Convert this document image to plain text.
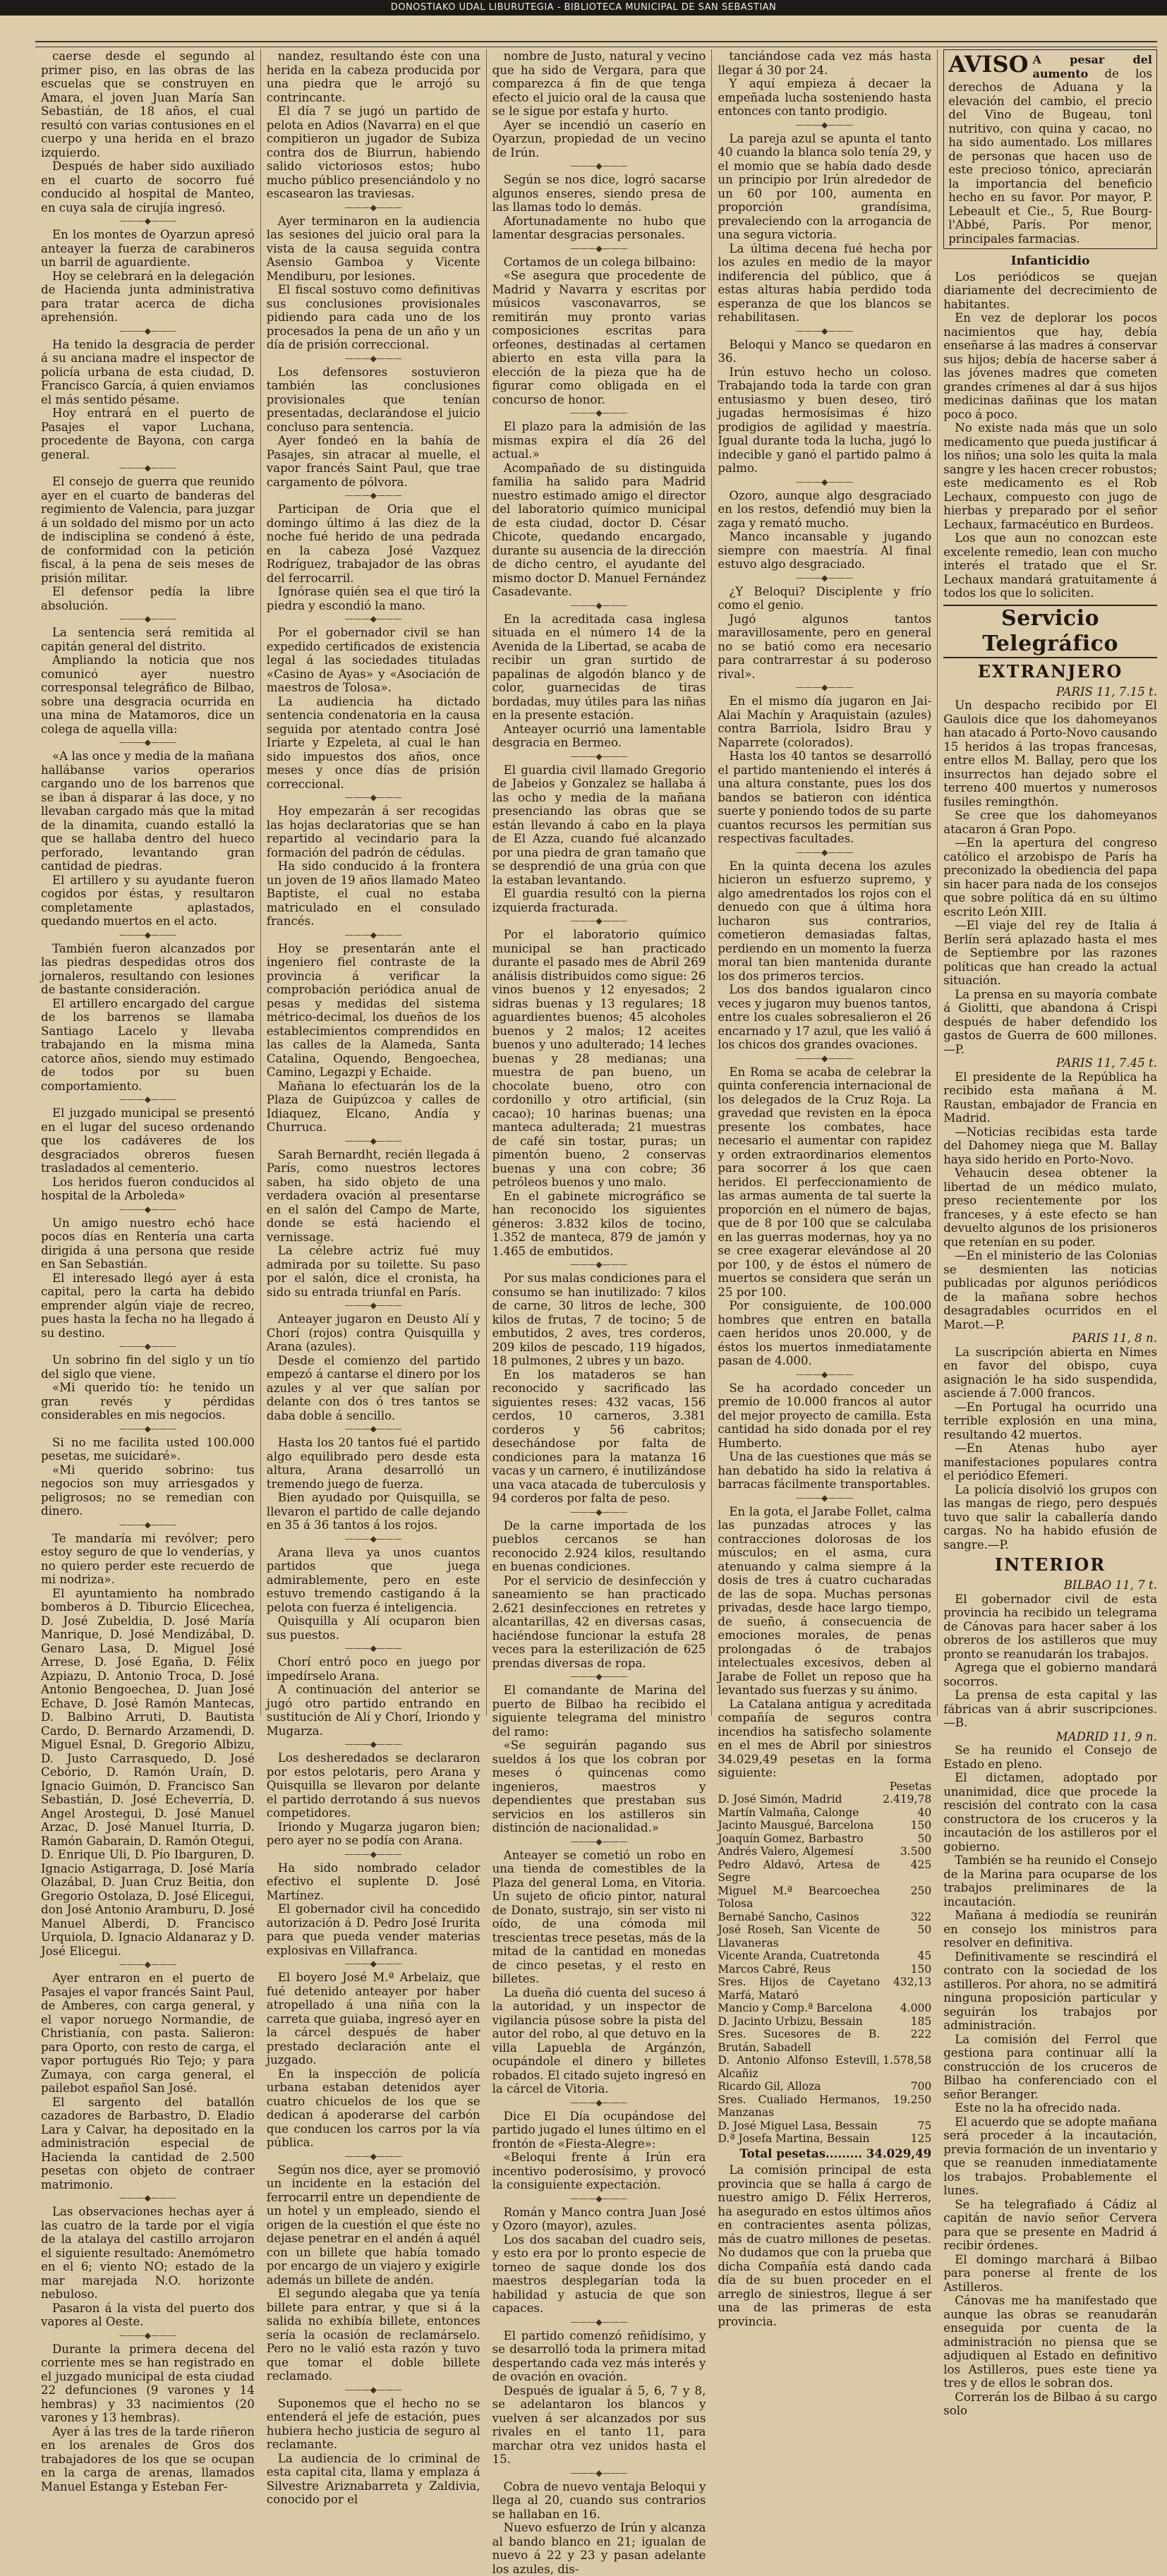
DONOSTIAKO UDAL LIBURUTEGIA - BIBLIOTECA MUNICIPAL DE SAN SEBASTIAN

caerse desde el segundo al primer piso, en las obras de las escuelas que se construyen en Amara, el joven Juan María San Sebastián, de 18 años, el cual resultó con varias contusiones en el cuerpo y una herida en el brazo izquierdo.

Después de haber sido auxiliado en el cuarto de socorro fué conducido al hospital de Manteo, en cuya sala de cirujía ingresó.

———◆———

En los montes de Oyarzun apresó anteayer la fuerza de carabineros un barril de aguardiente.

Hoy se celebrará en la delegación de Hacienda junta administrativa para tratar acerca de dicha aprehensión.

———◆———

Ha tenido la desgracia de perder á su anciana madre el inspector de policía urbana de esta ciudad, D. Francisco García, á quien enviamos el más sentido pésame.

Hoy entrará en el puerto de Pasajes el vapor Luchana, procedente de Bayona, con carga general.

———◆———

El consejo de guerra que reunido ayer en el cuarto de banderas del regimiento de Valencia, para juzgar á un soldado del mismo por un acto de indisciplina se condenó á éste, de conformidad con la petición fiscal, á la pena de seis meses de prisión militar.

El defensor pedía la libre absolución.

———◆———

La sentencia será remitida al capitán general del distrito.

Ampliando la noticia que nos comunicó ayer nuestro corresponsal telegráfico de Bilbao, sobre una desgracia ocurrida en una mina de Matamoros, dice un colega de aquella villa:

———◆———

«A las once y media de la mañana hallábanse varios operarios cargando uno de los barrenos que se iban á disparar á las doce, y no llevaban cargado más que la mitad de la dinamita, cuando estalló la que se hallaba dentro del hueco perforado, levantando gran cantidad de piedras.

El artillero y su ayudante fueron cogidos por éstas, y resultaron completamente aplastados, quedando muertos en el acto.

———◆———

También fueron alcanzados por las piedras despedidas otros dos jornaleros, resultando con lesiones de bastante consideración.

El artillero encargado del cargue de los barrenos se llamaba Santiago Lacelo y llevaba trabajando en la misma mina catorce años, siendo muy estimado de todos por su buen comportamiento.

———◆———

El juzgado municipal se presentó en el lugar del suceso ordenando que los cadáveres de los desgraciados obreros fuesen trasladados al cementerio.

Los heridos fueron conducidos al hospital de la Arboleda»

———◆———

Un amigo nuestro echó hace pocos días en Rentería una carta dirigida á una persona que reside en San Sebastián.

El interesado llegó ayer á esta capital, pero la carta ha debido emprender algún viaje de recreo, pues hasta la fecha no ha llegado á su destino.

———◆———

Un sobrino fin del siglo y un tío del siglo que viene.

«Mi querido tío: he tenido un gran revés y pérdidas considerables en mis negocios.

———◆———

Si no me facilita usted 100.000 pesetas, me suicidaré».

«Mi querido sobrino: tus negocios son muy arriesgados y peligrosos; no se remedian con dinero.

———◆———

Te mandaría mi revólver; pero estoy seguro de que lo venderías, y no quiero perder este recuerdo de mi nodriza».

El ayuntamiento ha nombrado bomberos á D. Tiburcio Elicechea, D. José Zubeldia, D. José María Manrique, D. José Mendizábal, D. Genaro Lasa, D. Miguel José Arrese, D. José Egaña, D. Félix Azpiazu, D. Antonio Troca, D. José Antonio Bengoechea, D. Juan José Echave, D. José Ramón Mantecas, D. Balbino Arruti, D. Bautista Cardo, D. Bernardo Arzamendi, D. Miguel Esnal, D. Gregorio Albizu, D. Justo Carrasquedo, D. José Cebório, D. Ramón Uraín, D. Ignacio Guimón, D. Francisco San Sebastián, D. José Echeverría, D. Angel Arostegui, D. José Manuel Arzac, D. José Manuel Iturria, D. Ramón Gabarain, D. Ramón Otegui, D. Enrique Uli, D. Pío Ibarguren, D. Ignacio Astigarraga, D. José María Olazábal, D. Juan Cruz Beitia, don Gregorio Ostolaza, D. José Elicegui, don José Antonio Aramburu, D. José Manuel Alberdi, D. Francisco Urquiola, D. Ignacio Aldanaraz y D. José Elicegui.

———◆———

Ayer entraron en el puerto de Pasajes el vapor francés Saint Paul, de Amberes, con carga general, y el vapor noruego Normandie, de Christianía, con pasta. Salieron: para Oporto, con resto de carga, el vapor portugués Rio Tejo; y para Zumaya, con carga general, el pailebot español San José.

El sargento del batallón cazadores de Barbastro, D. Eladio Lara y Calvar, ha depositado en la administración especial de Hacienda la cantidad de 2.500 pesetas con objeto de contraer matrimonio.

———◆———

Las observaciones hechas ayer á las cuatro de la tarde por el vigía de la atalaya del castillo arrojaron el siguiente resultado: Anemómetro en el 6; viento NO; estado de la mar marejada N.O. horizonte nebuloso.

Pasaron á la vista del puerto dos vapores al Oeste.

———◆———

Durante la primera decena del corriente mes se han registrado en el juzgado municipal de esta ciudad 22 defunciones (9 varones y 14 hembras) y 33 nacimientos (20 varones y 13 hembras).

Ayer á las tres de la tarde riñeron en los arenales de Gros dos trabajadores de los que se ocupan en la carga de arenas, llamados Manuel Estanga y Esteban Fer-

nandez, resultando éste con una herida en la cabeza producida por una piedra que le arrojó su contrincante.

El día 7 se jugó un partido de pelota en Adios (Navarra) en el que compitieron un jugador de Subiza contra dos de Biurrun, habiendo salido victoriosos estos; hubo mucho público presenciándolo y no escasearon las traviesas.

———◆———

Ayer terminaron en la audiencia las sesiones del juicio oral para la vista de la causa seguida contra Asensio Gamboa y Vicente Mendiburu, por lesiones.

El fiscal sostuvo como definitivas sus conclusiones provisionales pidiendo para cada uno de los procesados la pena de un año y un día de prisión correccional.

———◆———

Los defensores sostuvieron también las conclusiones provisionales que tenían presentadas, declarándose el juicio concluso para sentencia.

Ayer fondeó en la bahía de Pasajes, sin atracar al muelle, el vapor francés Saint Paul, que trae cargamento de pólvora.

———◆———

Participan de Oria que el domingo último á las diez de la noche fué herido de una pedrada en la cabeza José Vazquez Rodríguez, trabajador de las obras del ferrocarril.

Ignórase quién sea el que tiró la piedra y escondió la mano.

———◆———

Por el gobernador civil se han expedido certificados de existencia legal á las sociedades tituladas «Casino de Ayas» y «Asociación de maestros de Tolosa».

La audiencia ha dictado sentencia condenatoria en la causa seguida por atentado contra José Iriarte y Ezpeleta, al cual le han sido impuestos dos años, once meses y once días de prisión correccional.

———◆———

Hoy empezarán á ser recogidas las hojas declaratorias que se han repartido al vecindario para la formación del padrón de cédulas.

Ha sido conducido á la frontera un joven de 19 años llamado Mateo Baptiste, el cual no estaba matriculado en el consulado francés.

———◆———

Hoy se presentarán ante el ingeniero fiel contraste de la provincia á verificar la comprobación periódica anual de pesas y medidas del sistema métrico-decimal, los dueños de los establecimientos comprendidos en las calles de la Alameda, Santa Catalina, Oquendo, Bengoechea, Camino, Legazpi y Echaide.

Mañana lo efectuarán los de la Plaza de Guipúzcoa y calles de Idiaquez, Elcano, Andía y Churruca.

———◆———

Sarah Bernardht, recién llegada á París, como nuestros lectores saben, ha sido objeto de una verdadera ovación al presentarse en el salón del Campo de Marte, donde se está haciendo el vernissage.

La célebre actriz fué muy admirada por su toilette. Su paso por el salón, dice el cronista, ha sido su entrada triunfal en París.

———◆———

Anteayer jugaron en Deusto Alí y Chorí (rojos) contra Quisquilla y Arana (azules).

Desde el comienzo del partido empezó á cantarse el dinero por los azules y al ver que salían por delante con dos ó tres tantos se daba doble á sencillo.

———◆———

Hasta los 20 tantos fué el partido algo equilibrado pero desde esta altura, Arana desarrolló un tremendo juego de fuerza.

Bien ayudado por Quisquilla, se llevaron el partido de calle dejando en 35 á 36 tantos á los rojos.

———◆———

Arana lleva ya unos cuantos partidos que juega admirablemente, pero en este estuvo tremendo castigando á la pelota con fuerza é inteligencia.

Quisquilla y Alí ocuparon bien sus puestos.

———◆———

Chorí entró poco en juego por impedírselo Arana.

A continuación del anterior se jugó otro partido entrando en sustitución de Alí y Chorí, Iriondo y Mugarza.

———◆———

Los desheredados se declararon por estos pelotaris, pero Arana y Quisquilla se llevaron por delante el partido derrotando á sus nuevos competidores.

Iriondo y Mugarza jugaron bien; pero ayer no se podía con Arana.

———◆———

Ha sido nombrado celador efectivo el suplente D. José Martínez.

El gobernador civil ha concedido autorización á D. Pedro José Irurita para que pueda vender materias explosivas en Villafranca.

———◆———

El boyero José M.ª Arbelaiz, que fué detenido anteayer por haber atropellado á una niña con la carreta que guiaba, ingresó ayer en la cárcel después de haber prestado declaración ante el juzgado.

En la inspección de policía urbana estaban detenidos ayer cuatro chicuelos de los que se dedican á apoderarse del carbón que conducen los carros por la vía pública.

———◆———

Según nos dice, ayer se promovió un incidente en la estación del ferrocarril entre un dependiente de un hotel y un empleado, siendo el origen de la cuestión el que éste no dejase penetrar en el andén á aquél con un billete que había tomado por encargo de un viajero y exigirle además un billete de andén.

El segundo alegaba que ya tenía billete para entrar, y que si á la salida no exhibía billete, entonces sería la ocasión de reclamárselo. Pero no le valió esta razón y tuvo que tomar el doble billete reclamado.

———◆———

Suponemos que el hecho no se entenderá el jefe de estación, pues hubiera hecho justicia de seguro al reclamante.

La audiencia de lo criminal de esta capital cita, llama y emplaza á Silvestre Ariznabarreta y Zaldivia, conocido por el

nombre de Justo, natural y vecino que ha sido de Vergara, para que comparezca á fin de que tenga efecto el juicio oral de la causa que se le sigue por estafa y hurto.

Ayer se incendió un caserío en Oyarzun, propiedad de un vecino de Irún.

———◆———

Según se nos dice, logró sacarse algunos enseres, siendo presa de las llamas todo lo demás.

Afortunadamente no hubo que lamentar desgracias personales.

———◆———

Cortamos de un colega bilbaino:

«Se asegura que procedente de Madrid y Navarra y escritas por músicos vasconavarros, se remitirán muy pronto varias composiciones escritas para orfeones, destinadas al certamen abierto en esta villa para la elección de la pieza que ha de figurar como obligada en el concurso de honor.

———◆———

El plazo para la admisión de las mismas expira el día 26 del actual.»

Acompañado de su distinguida familia ha salido para Madrid nuestro estimado amigo el director del laboratorio químico municipal de esta ciudad, doctor D. César Chicote, quedando encargado, durante su ausencia de la dirección de dicho centro, el ayudante del mismo doctor D. Manuel Fernández Casadevante.

———◆———

En la acreditada casa inglesa situada en el número 14 de la Avenida de la Libertad, se acaba de recibir un gran surtido de papalinas de algodón blanco y de color, guarnecidas de tiras bordadas, muy útiles para las niñas en la presente estación.

Anteayer ocurrió una lamentable desgracia en Bermeo.

———◆———

El guardia civil llamado Gregorio de Jabeios y Gonzalez se hallaba á las ocho y media de la mañana presenciando las obras que se están llevando á cabo en la playa de El Azza, cuando fué alcanzado por una piedra de gran tamaño que se desprendió de una grúa con que la estaban levantando.

El guardia resultó con la pierna izquierda fracturada.

———◆———

Por el laboratorio químico municipal se han practicado durante el pasado mes de Abril 269 análisis distribuidos como sigue: 26 vinos buenos y 12 enyesados; 2 sidras buenas y 13 regulares; 18 aguardientes buenos; 45 alcoholes buenos y 2 malos; 12 aceites buenos y uno adulterado; 14 leches buenas y 28 medianas; una muestra de pan bueno, un chocolate bueno, otro con cordonillo y otro artificial, (sin cacao); 10 harinas buenas; una manteca adulterada; 21 muestras de café sin tostar, puras; un pimentón bueno, 2 conservas buenas y una con cobre; 36 petróleos buenos y uno malo.

En el gabinete micrográfico se han reconocido los siguientes géneros: 3.832 kilos de tocino, 1.352 de manteca, 879 de jamón y 1.465 de embutidos.

———◆———

Por sus malas condiciones para el consumo se han inutilizado: 7 kilos de carne, 30 litros de leche, 300 kilos de frutas, 7 de tocino; 5 de embutidos, 2 aves, tres corderos, 209 kilos de pescado, 119 hígados, 18 pulmones, 2 ubres y un bazo.

En los mataderos se han reconocido y sacrificado las siguientes reses: 432 vacas, 156 cerdos, 10 carneros, 3.381 corderos y 56 cabritos; desechándose por falta de condiciones para la matanza 16 vacas y un carnero, é inutilizándose una vaca atacada de tuberculosis y 94 corderos por falta de peso.

———◆———

De la carne importada de los pueblos cercanos se han reconocido 2.924 kilos, resultando en buenas condiciones.

Por el servicio de desinfección y saneamiento se han practicado 2.621 desinfecciones en retretes y alcantarillas, 42 en diversas casas, haciéndose funcionar la estufa 28 veces para la esterilización de 625 prendas diversas de ropa.

———◆———

El comandante de Marina del puerto de Bilbao ha recibido el siguiente telegrama del ministro del ramo:

«Se seguirán pagando sus sueldos á los que los cobran por meses ó quincenas como ingenieros, maestros y dependientes que prestaban sus servicios en los astilleros sin distinción de nacionalidad.»

———◆———

Anteayer se cometió un robo en una tienda de comestibles de la Plaza del general Loma, en Vitoria. Un sujeto de oficio pintor, natural de Donato, sustrajo, sin ser visto ni oído, de una cómoda mil trescientas trece pesetas, más de la mitad de la cantidad en monedas de cinco pesetas, y el resto en billetes.

La dueña dió cuenta del suceso á la autoridad, y un inspector de vigilancia púsose sobre la pista del autor del robo, al que detuvo en la villa Lapuebla de Argánzón, ocupándole el dinero y billetes robados. El citado sujeto ingresó en la cárcel de Vitoria.

———◆———

Dice El Día ocupándose del partido jugado el lunes último en el frontón de «Fiesta-Alegre»:

«Beloqui frente á Irún era incentivo poderosísimo, y provocó la consiguiente expectación.

———◆———

Román y Manco contra Juan José y Ozoro (mayor), azules.

Los dos sacaban del cuadro seis, y esto era por lo pronto especie de torneo de saque donde los dos maestros desplegarían toda la habilidad y astucia de que son capaces.

———◆———

El partido comenzó reñidísimo, y se desarrolló toda la primera mitad despertando cada vez más interés y de ovación en ovación.

Después de igualar á 5, 6, 7 y 8, se adelantaron los blancos y vuelven á ser alcanzados por sus rivales en el tanto 11, para marchar otra vez unidos hasta el 15.

———◆———

Cobra de nuevo ventaja Beloqui y llega al 20, cuando sus contrarios se hallaban en 16.

Nuevo esfuerzo de Irún y alcanza al bando blanco en 21; igualan de nuevo á 22 y 23 y pasan adelante los azules, dis-

tanciándose cada vez más hasta llegar á 30 por 24.

Y aquí empieza á decaer la empeñada lucha sosteniendo hasta entonces con tanto prodigio.

———◆———

La pareja azul se apunta el tanto 40 cuando la blanca solo tenía 29, y el momio que se había dado desde un principio por Irún alrededor de un 60 por 100, aumenta en proporción grandísima, prevaleciendo con la arrogancia de una segura victoria.

La última decena fué hecha por los azules en medio de la mayor indiferencia del público, que á estas alturas había perdido toda esperanza de que los blancos se rehabilitasen.

———◆———

Beloqui y Manco se quedaron en 36.

Irún estuvo hecho un coloso. Trabajando toda la tarde con gran entusiasmo y buen deseo, tiró jugadas hermosísimas é hizo prodigios de agilidad y maestría. Igual durante toda la lucha, jugó lo indecible y ganó el partido palmo á palmo.

———◆———

Ozoro, aunque algo desgraciado en los restos, defendió muy bien la zaga y remató mucho.

Manco incansable y jugando siempre con maestría. Al final estuvo algo desgraciado.

———◆———

¿Y Beloqui? Disciplente y frío como el genio.

Jugó algunos tantos maravillosamente, pero en general no se batió como era necesario para contrarrestar á su poderoso rival».

———◆———

En el mismo día jugaron en Jai-Alai Machín y Araquistain (azules) contra Barriola, Isidro Brau y Naparrete (colorados).

Hasta los 40 tantos se desarrolló el partido manteniendo el interés á una altura constante, pues los dos bandos se batieron con idéntica suerte y poniendo todos de su parte cuantos recursos les permitían sus respectivas facultades.

———◆———

En la quinta decena los azules hicieron un esfuerzo supremo, y algo amedrentados los rojos con el denuedo con que á última hora lucharon sus contrarios, cometieron demasiadas faltas, perdiendo en un momento la fuerza moral tan bien mantenida durante los dos primeros tercios.

Los dos bandos igualaron cinco veces y jugaron muy buenos tantos, entre los cuales sobresalieron el 26 encarnado y 17 azul, que les valió á los chicos dos grandes ovaciones.

———◆———

En Roma se acaba de celebrar la quinta conferencia internacional de los delegados de la Cruz Roja. La gravedad que revisten en la época presente los combates, hace necesario el aumentar con rapidez y orden extraordinarios elementos para socorrer á los que caen heridos. El perfeccionamiento de las armas aumenta de tal suerte la proporción en el número de bajas, que de 8 por 100 que se calculaba en las guerras modernas, hoy ya no se cree exagerar elevándose al 20 por 100, y de éstos el número de muertos se considera que serán un 25 por 100.

Por consiguiente, de 100.000 hombres que entren en batalla caen heridos unos 20.000, y de éstos los muertos inmediatamente pasan de 4.000.

———◆———

Se ha acordado conceder un premio de 10.000 francos al autor del mejor proyecto de camilla. Esta cantidad ha sido donada por el rey Humberto.

Una de las cuestiones que más se han debatido ha sido la relativa á barracas fácilmente transportables.

———◆———

En la gota, el Jarabe Follet, calma las punzadas atroces y las contracciones dolorosas de los músculos; en el asma, cura atenuando y calma siempre á la dosis de tres á cuatro cucharadas de las de sopa. Muchas personas privadas, desde hace largo tiempo, de sueño, á consecuencia de emociones morales, de penas prolongadas ó de trabajos intelectuales excesivos, deben al Jarabe de Follet un reposo que ha levantado sus fuerzas y su ánimo.

La Catalana antigua y acreditada compañía de seguros contra incendios ha satisfecho solamente en el mes de Abril por siniestros 34.029,49 pesetas en la forma siguiente:

	Pesetas
D. José Simón, Madrid	2.419,78
Martín Valmaña, Calonge	40
Jacinto Mausgué, Barcelona	150
Joaquín Gomez, Barbastro	50
Andrés Valero, Algemesí	3.500
Pedro Aldavó, Artesa de Segre	425
Miguel M.ª Bearcoechea Tolosa	250
Bernabé Sancho, Casinos	322
José Roseh, San Vicente de Llavaneras	50
Vicente Aranda, Cuatretonda	45
Marcos Cabré, Reus	150
Sres. Hijos de Cayetano Marfá, Mataró	432,13
Mancio y Comp.ª Barcelona	4.000
D. Jacinto Urbizu, Bessain	185
Sres. Sucesores de B. Brután, Sabadell	222
D. Antonio Alfonso Estevill, Alcañiz	1.578,58
Ricardo Gil, Alloza	700
Sres. Cualiado Hermanos, Manzanas	19.250
D. José Miguel Lasa, Bessain	75
D.ª Josefa Martina, Bessain	125
Total pesetas......... 34.029,49

La comisión principal de esta provincia que se halla á cargo de nuestro amigo D. Félix Herreros, ha asegurado en estos últimos años en contracientes asenta pólizas, más de cuatro millones de pesetas. No dudamos que con la prueba que dicha Compañía está dando cada día de su buen proceder en el arreglo de siniestros, llegue á ser una de las primeras de esta provincia.

AVISO A pesar del aumento de los derechos de Aduana y la elevación del cambio, el precio del Vino de Bugeau, tonl nutritivo, con quina y cacao, no ha sido aumentado. Los millares de personas que hacen uso de este precioso tónico, apreciarán la importancia del beneficio hecho en su favor. Por mayor, P. Lebeault et Cie., 5, Rue Bourg-l'Abbé, París. Por menor, principales farmacias.
Infanticidio

Los periódicos se quejan diariamente del decrecimiento de habitantes.

En vez de deplorar los pocos nacimientos que hay, debía enseñarse á las madres á conservar sus hijos; debía de hacerse saber á las jóvenes madres que cometen grandes crímenes al dar á sus hijos medicinas dañinas que los matan poco á poco.

No existe nada más que un solo medicamento que pueda justificar á los niños; una solo les quita la mala sangre y les hacen crecer robustos; este medicamento es el Rob Lechaux, compuesto con jugo de hierbas y preparado por el señor Lechaux, farmacéutico en Burdeos.

Los que aun no conozcan este excelente remedio, lean con mucho interés el tratado que el Sr. Lechaux mandará gratuitamente á todos los que lo soliciten.

Servicio Telegráfico
EXTRANJERO

PARIS 11, 7.15 t.

Un despacho recibido por El Gaulois dice que los dahomeyanos han atacado á Porto-Novo causando 15 heridos á las tropas francesas, entre ellos M. Ballay, pero que los insurrectos han dejado sobre el terreno 400 muertos y numerosos fusiles remingthón.

Se cree que los dahomeyanos atacaron á Gran Popo.

—En la apertura del congreso católico el arzobispo de París ha preconizado la obediencia del papa sin hacer para nada de los consejos que sobre política dá en su último escrito León XIII.

—El viaje del rey de Italia á Berlín será aplazado hasta el mes de Septiembre por las razones políticas que han creado la actual situación.

La prensa en su mayoría combate á Giolitti, que abandona á Crispi después de haber defendido los gastos de Guerra de 600 millones.—P.

PARIS 11, 7.45 t.

El presidente de la República ha recibido esta mañana á M. Raustan, embajador de Francia en Madrid.

—Noticias recibidas esta tarde del Dahomey niega que M. Ballay haya sido herido en Porto-Novo.

Vehaucin desea obtener la libertad de un médico mulato, preso recientemente por los franceses, y á este efecto se han devuelto algunos de los prisioneros que retenían en su poder.

—En el ministerio de las Colonias se desmienten las noticias publicadas por algunos periódicos de la mañana sobre hechos desagradables ocurridos en el Marot.—P.

PARIS 11, 8 n.

La suscripción abierta en Nimes en favor del obispo, cuya asignación le ha sido suspendida, asciende á 7.000 francos.

—En Portugal ha ocurrido una terrible explosión en una mina, resultando 42 muertos.

—En Atenas hubo ayer manifestaciones populares contra el periódico Efemeri.

La policía disolvió los grupos con las mangas de riego, pero después tuvo que salir la caballería dando cargas. No ha habido efusión de sangre.—P.

INTERIOR

BILBAO 11, 7 t.

El gobernador civil de esta provincia ha recibido un telegrama de Cánovas para hacer saber á los obreros de los astilleros que muy pronto se reanudarán los trabajos.

Agrega que el gobierno mandará socorros.

La prensa de esta capital y las fábricas van á abrir suscripciones.—B.

MADRID 11, 9 n.

Se ha reunido el Consejo de Estado en pleno.

El dictamen, adoptado por unanimidad, dice que procede la rescisión del contrato con la casa constructora de los cruceros y la incautación de los astilleros por el gobierno.

También se ha reunido el Consejo de la Marina para ocuparse de los trabajos preliminares de la incautación.

Mañana á mediodía se reunirán en consejo los ministros para resolver en definitiva.

Definitivamente se rescindirá el contrato con la sociedad de los astilleros. Por ahora, no se admitirá ninguna proposición particular y seguirán los trabajos por administración.

La comisión del Ferrol que gestiona para continuar allí la construcción de los cruceros de Bilbao ha conferenciado con el señor Beranger.

Este no la ha ofrecido nada.

El acuerdo que se adopte mañana será proceder á la incautación, previa formación de un inventario y que se reanuden inmediatamente los trabajos. Probablemente el lunes.

Se ha telegrafiado á Cádiz al capitán de navío señor Cervera para que se presente en Madrid á recibir órdenes.

El domingo marchará á Bilbao para ponerse al frente de los Astilleros.

Cánovas me ha manifestado que aunque las obras se reanudarán enseguida por cuenta de la administración no piensa que se adjudiquen al Estado en definitivo los Astilleros, pues este tiene ya tres y de ellos le sobran dos.

Correrán los de Bilbao á su cargo solo
